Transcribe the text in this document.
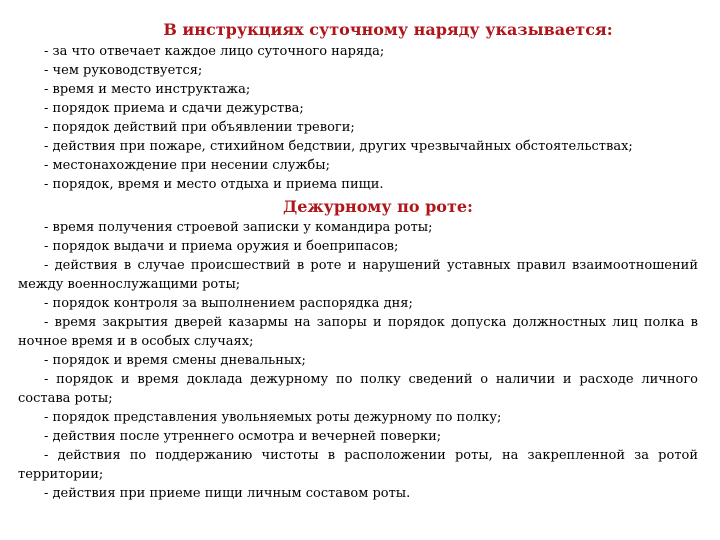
В инструкциях суточному наряду указывается:
- за что отвечает каждое лицо суточного наряда;
- чем руководствуется;
- время и место инструктажа;
- порядок приема и сдачи дежурства;
- порядок действий при объявлении тревоги;
- действия при пожаре, стихийном бедствии, других чрезвычайных обстоятельствах;
- местонахождение при несении службы;
- порядок, время и место отдыха и приема пищи.
Дежурному по роте:
- время получения строевой записки у командира роты;
- порядок выдачи и приема оружия и боеприпасов;
- действия в случае происшествий в роте и нарушений уставных правил взаимоотношений между военнослужащими роты;
- порядок контроля за выполнением распорядка дня;
- время закрытия дверей казармы на запоры и порядок допуска должностных лиц полка в ночное время и в особых случаях;
- порядок и время смены дневальных;
- порядок и время доклада дежурному по полку сведений о наличии и расходе личного состава роты;
- порядок представления увольняемых роты дежурному по полку;
- действия после утреннего осмотра и вечерней поверки;
- действия по поддержанию чистоты в расположении роты, на закрепленной за ротой территории;
- действия при приеме пищи личным составом роты.
